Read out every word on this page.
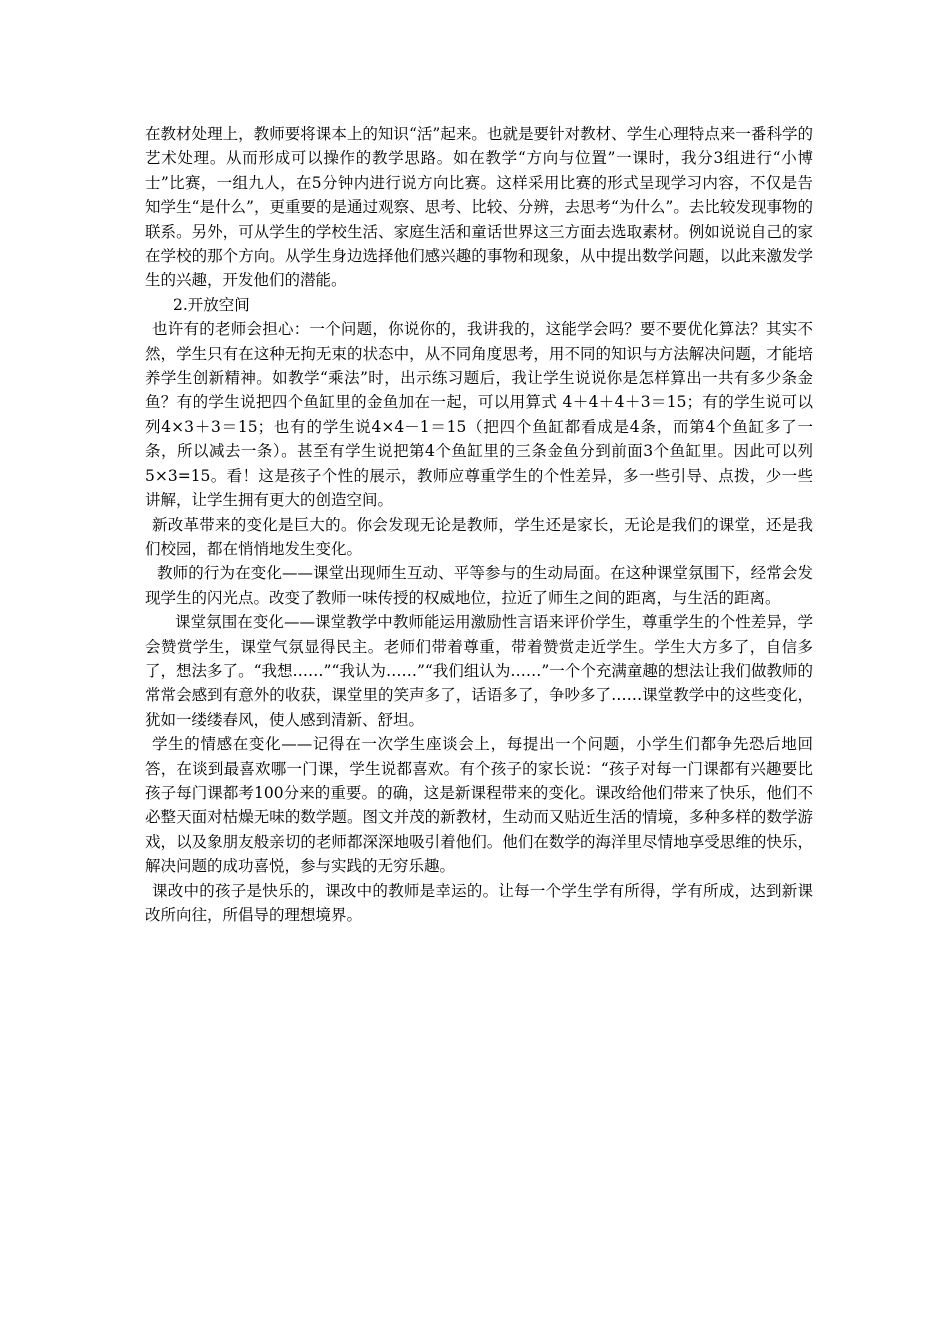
在教材处理上，教师要将课本上的知识“活”起来。也就是要针对教材、学生心理特点来一番科学的艺术处理。从而形成可以操作的教学思路。如在教学“方向与位置”一课时，我分3组进行“小博士”比赛，一组九人，在5分钟内进行说方向比赛。这样采用比赛的形式呈现学习内容，不仅是告知学生“是什么”，更重要的是通过观察、思考、比较、分辨，去思考“为什么”。去比较发现事物的联系。另外，可从学生的学校生活、家庭生活和童话世界这三方面去选取素材。例如说说自己的家在学校的那个方向。从学生身边选择他们感兴趣的事物和现象，从中提出数学问题，以此来激发学生的兴趣，开发他们的潜能。

2.开放空间

也许有的老师会担心：一个问题，你说你的，我讲我的，这能学会吗？要不要优化算法？其实不然，学生只有在这种无拘无束的状态中，从不同角度思考，用不同的知识与方法解决问题，才能培养学生创新精神。如教学“乘法”时，出示练习题后，我让学生说说你是怎样算出一共有多少条金鱼？有的学生说把四个鱼缸里的金鱼加在一起，可以用算式 4＋4＋4＋3＝15；有的学生说可以列4×3＋3＝15；也有的学生说4×4－1＝15（把四个鱼缸都看成是4条，而第4个鱼缸多了一条，所以减去一条）。甚至有学生说把第4个鱼缸里的三条金鱼分到前面3个鱼缸里。因此可以列5×3=15。看！这是孩子个性的展示，教师应尊重学生的个性差异，多一些引导、点拨，少一些讲解，让学生拥有更大的创造空间。

新改革带来的变化是巨大的。你会发现无论是教师，学生还是家长，无论是我们的课堂，还是我们校园，都在悄悄地发生变化。

教师的行为在变化——课堂出现师生互动、平等参与的生动局面。在这种课堂氛围下，经常会发现学生的闪光点。改变了教师一味传授的权威地位，拉近了师生之间的距离，与生活的距离。

课堂氛围在变化——课堂教学中教师能运用激励性言语来评价学生，尊重学生的个性差异，学会赞赏学生，课堂气氛显得民主。老师们带着尊重，带着赞赏走近学生。学生大方多了，自信多了，想法多了。“我想……”“我认为……”“我们组认为……”一个个充满童趣的想法让我们做教师的常常会感到有意外的收获，课堂里的笑声多了，话语多了，争吵多了……课堂教学中的这些变化，犹如一缕缕春风，使人感到清新、舒坦。

学生的情感在变化——记得在一次学生座谈会上，每提出一个问题，小学生们都争先恐后地回答，在谈到最喜欢哪一门课，学生说都喜欢。有个孩子的家长说：“孩子对每一门课都有兴趣要比孩子每门课都考100分来的重要。的确，这是新课程带来的变化。课改给他们带来了快乐，他们不必整天面对枯燥无味的数学题。图文并茂的新教材，生动而又贴近生活的情境，多种多样的数学游戏，以及象朋友般亲切的老师都深深地吸引着他们。他们在数学的海洋里尽情地享受思维的快乐，解决问题的成功喜悦，参与实践的无穷乐趣。

课改中的孩子是快乐的，课改中的教师是幸运的。让每一个学生学有所得，学有所成，达到新课改所向往，所倡导的理想境界。
